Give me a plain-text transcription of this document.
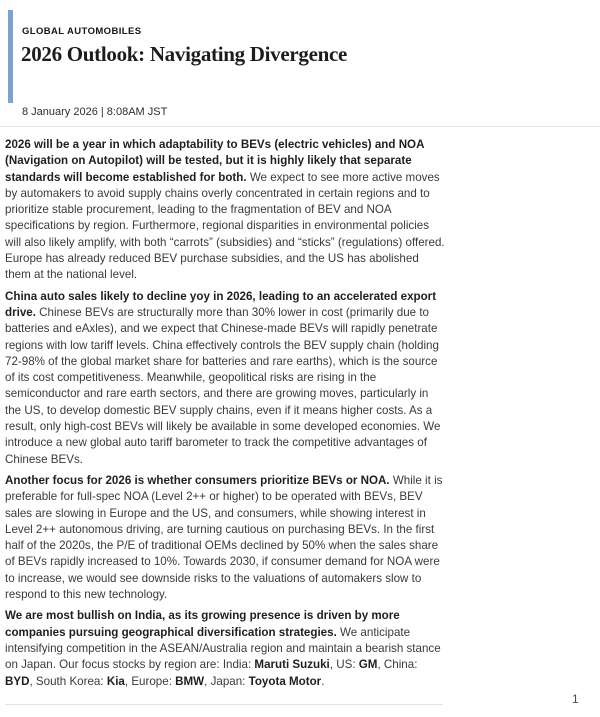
GLOBAL AUTOMOBILES
2026 Outlook: Navigating Divergence
8 January 2026 | 8:08AM JST

2026 will be a year in which adaptability to BEVs (electric vehicles) and NOA (Navigation on Autopilot) will be tested, but it is highly likely that separate standards will become established for both. We expect to see more active moves by automakers to avoid supply chains overly concentrated in certain regions and to prioritize stable procurement, leading to the fragmentation of BEV and NOA specifications by region. Furthermore, regional disparities in environmental policies will also likely amplify, with both “carrots” (subsidies) and “sticks” (regulations) offered. Europe has already reduced BEV purchase subsidies, and the US has abolished them at the national level.

China auto sales likely to decline yoy in 2026, leading to an accelerated export drive. Chinese BEVs are structurally more than 30% lower in cost (primarily due to batteries and eAxles), and we expect that Chinese-made BEVs will rapidly penetrate regions with low tariff levels. China effectively controls the BEV supply chain (holding 72-98% of the global market share for batteries and rare earths), which is the source of its cost competitiveness. Meanwhile, geopolitical risks are rising in the semiconductor and rare earth sectors, and there are growing moves, particularly in the US, to develop domestic BEV supply chains, even if it means higher costs. As a result, only high-cost BEVs will likely be available in some developed economies. We introduce a new global auto tariff barometer to track the competitive advantages of Chinese BEVs.

Another focus for 2026 is whether consumers prioritize BEVs or NOA. While it is preferable for full-spec NOA (Level 2++ or higher) to be operated with BEVs, BEV sales are slowing in Europe and the US, and consumers, while showing interest in Level 2++ autonomous driving, are turning cautious on purchasing BEVs. In the first half of the 2020s, the P/E of traditional OEMs declined by 50% when the sales share of BEVs rapidly increased to 10%. Towards 2030, if consumer demand for NOA were to increase, we would see downside risks to the valuations of automakers slow to respond to this new technology.

We are most bullish on India, as its growing presence is driven by more companies pursuing geographical diversification strategies. We anticipate intensifying competition in the ASEAN/Australia region and maintain a bearish stance on Japan. Our focus stocks by region are: India: Maruti Suzuki, US: GM, China: BYD, South Korea: Kia, Europe: BMW, Japan: Toyota Motor.

1
